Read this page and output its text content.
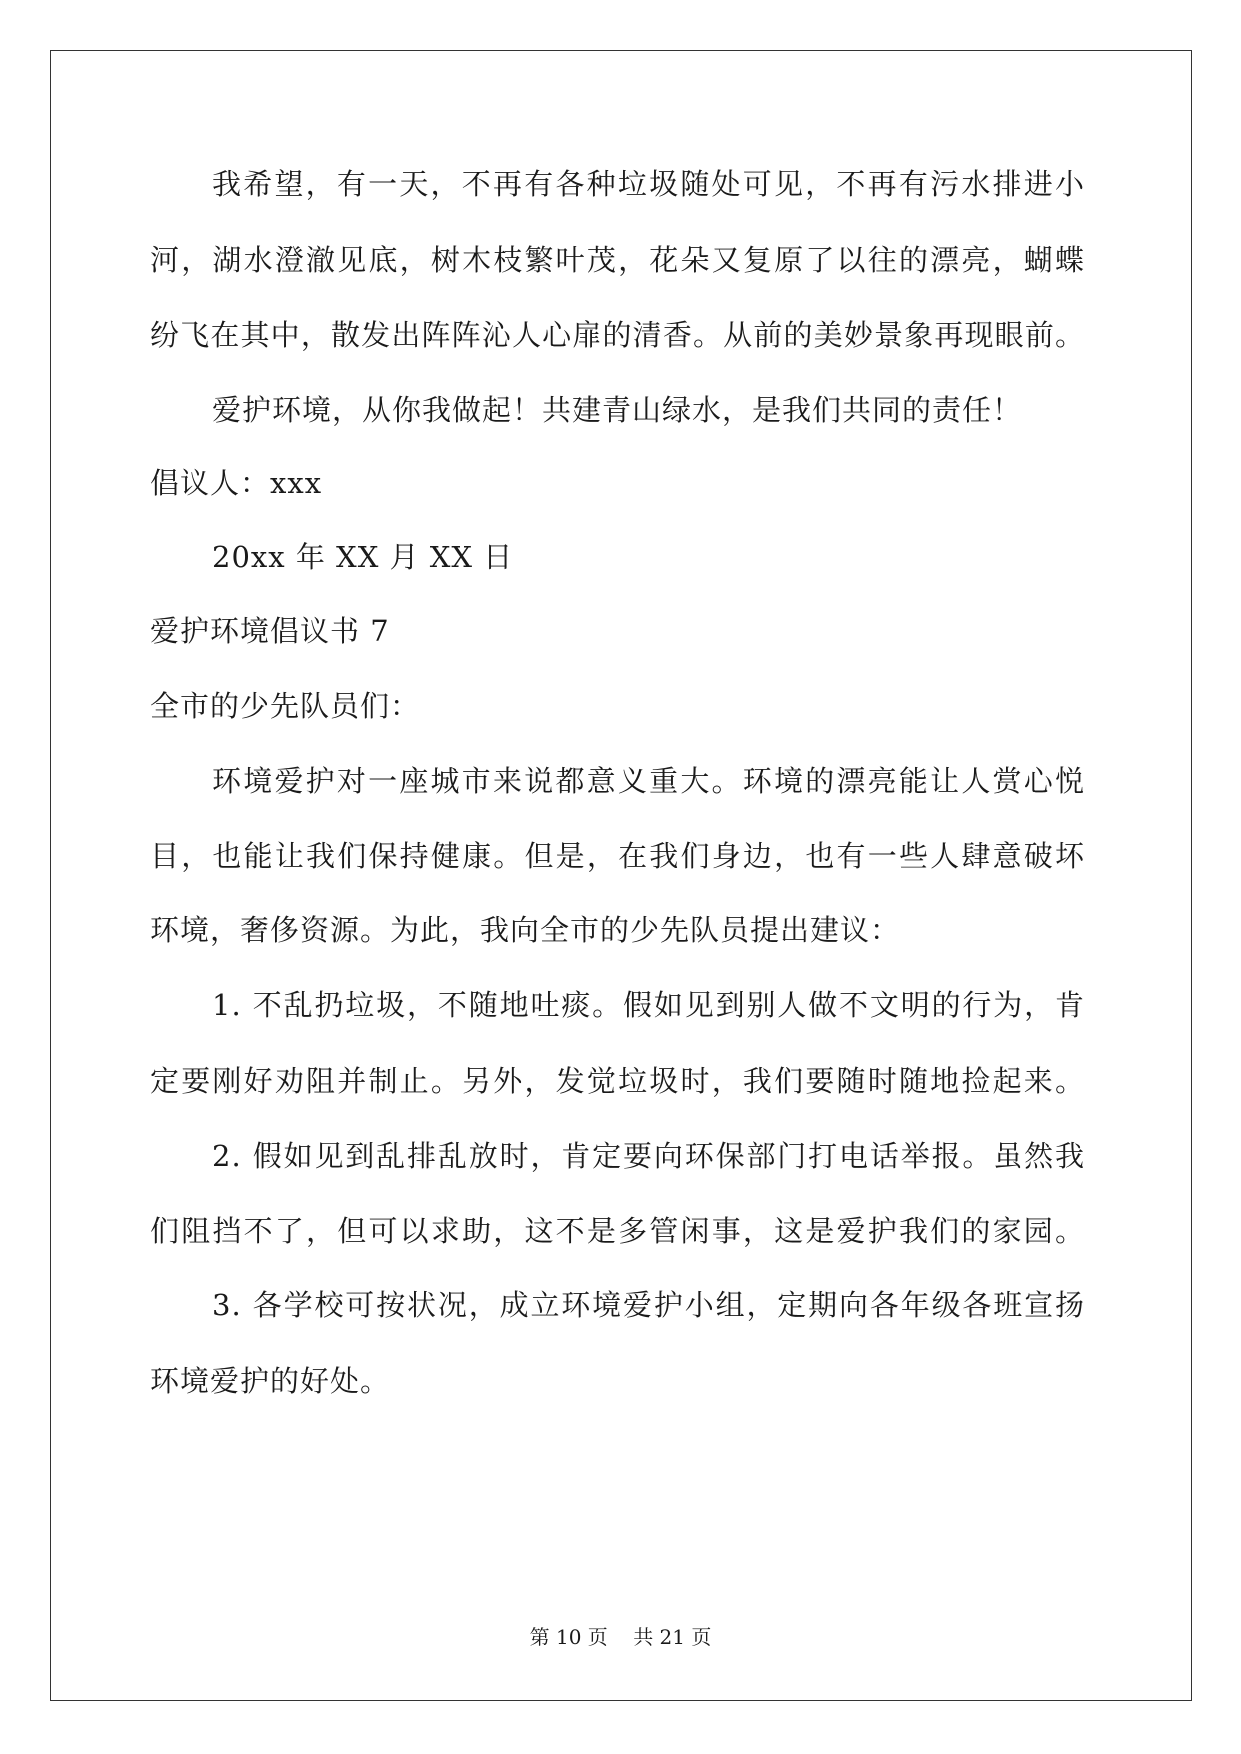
我希望，有一天，不再有各种垃圾随处可见，不再有污水排进小
河，湖水澄澈见底，树木枝繁叶茂，花朵又复原了以往的漂亮，蝴蝶
纷飞在其中，散发出阵阵沁人心扉的清香。从前的美妙景象再现眼前。
爱护环境，从你我做起！共建青山绿水，是我们共同的责任！
倡议人：xxx
20xx 年 XX 月 XX 日
爱护环境倡议书 7
全市的少先队员们：
环境爱护对一座城市来说都意义重大。环境的漂亮能让人赏心悦
目，也能让我们保持健康。但是，在我们身边，也有一些人肆意破坏
环境，奢侈资源。为此，我向全市的少先队员提出建议：
1. 不乱扔垃圾，不随地吐痰。假如见到别人做不文明的行为，肯
定要刚好劝阻并制止。另外，发觉垃圾时，我们要随时随地捡起来。
2. 假如见到乱排乱放时，肯定要向环保部门打电话举报。虽然我
们阻挡不了，但可以求助，这不是多管闲事，这是爱护我们的家园。
3. 各学校可按状况，成立环境爱护小组，定期向各年级各班宣扬
环境爱护的好处。
第 10 页    共 21 页
